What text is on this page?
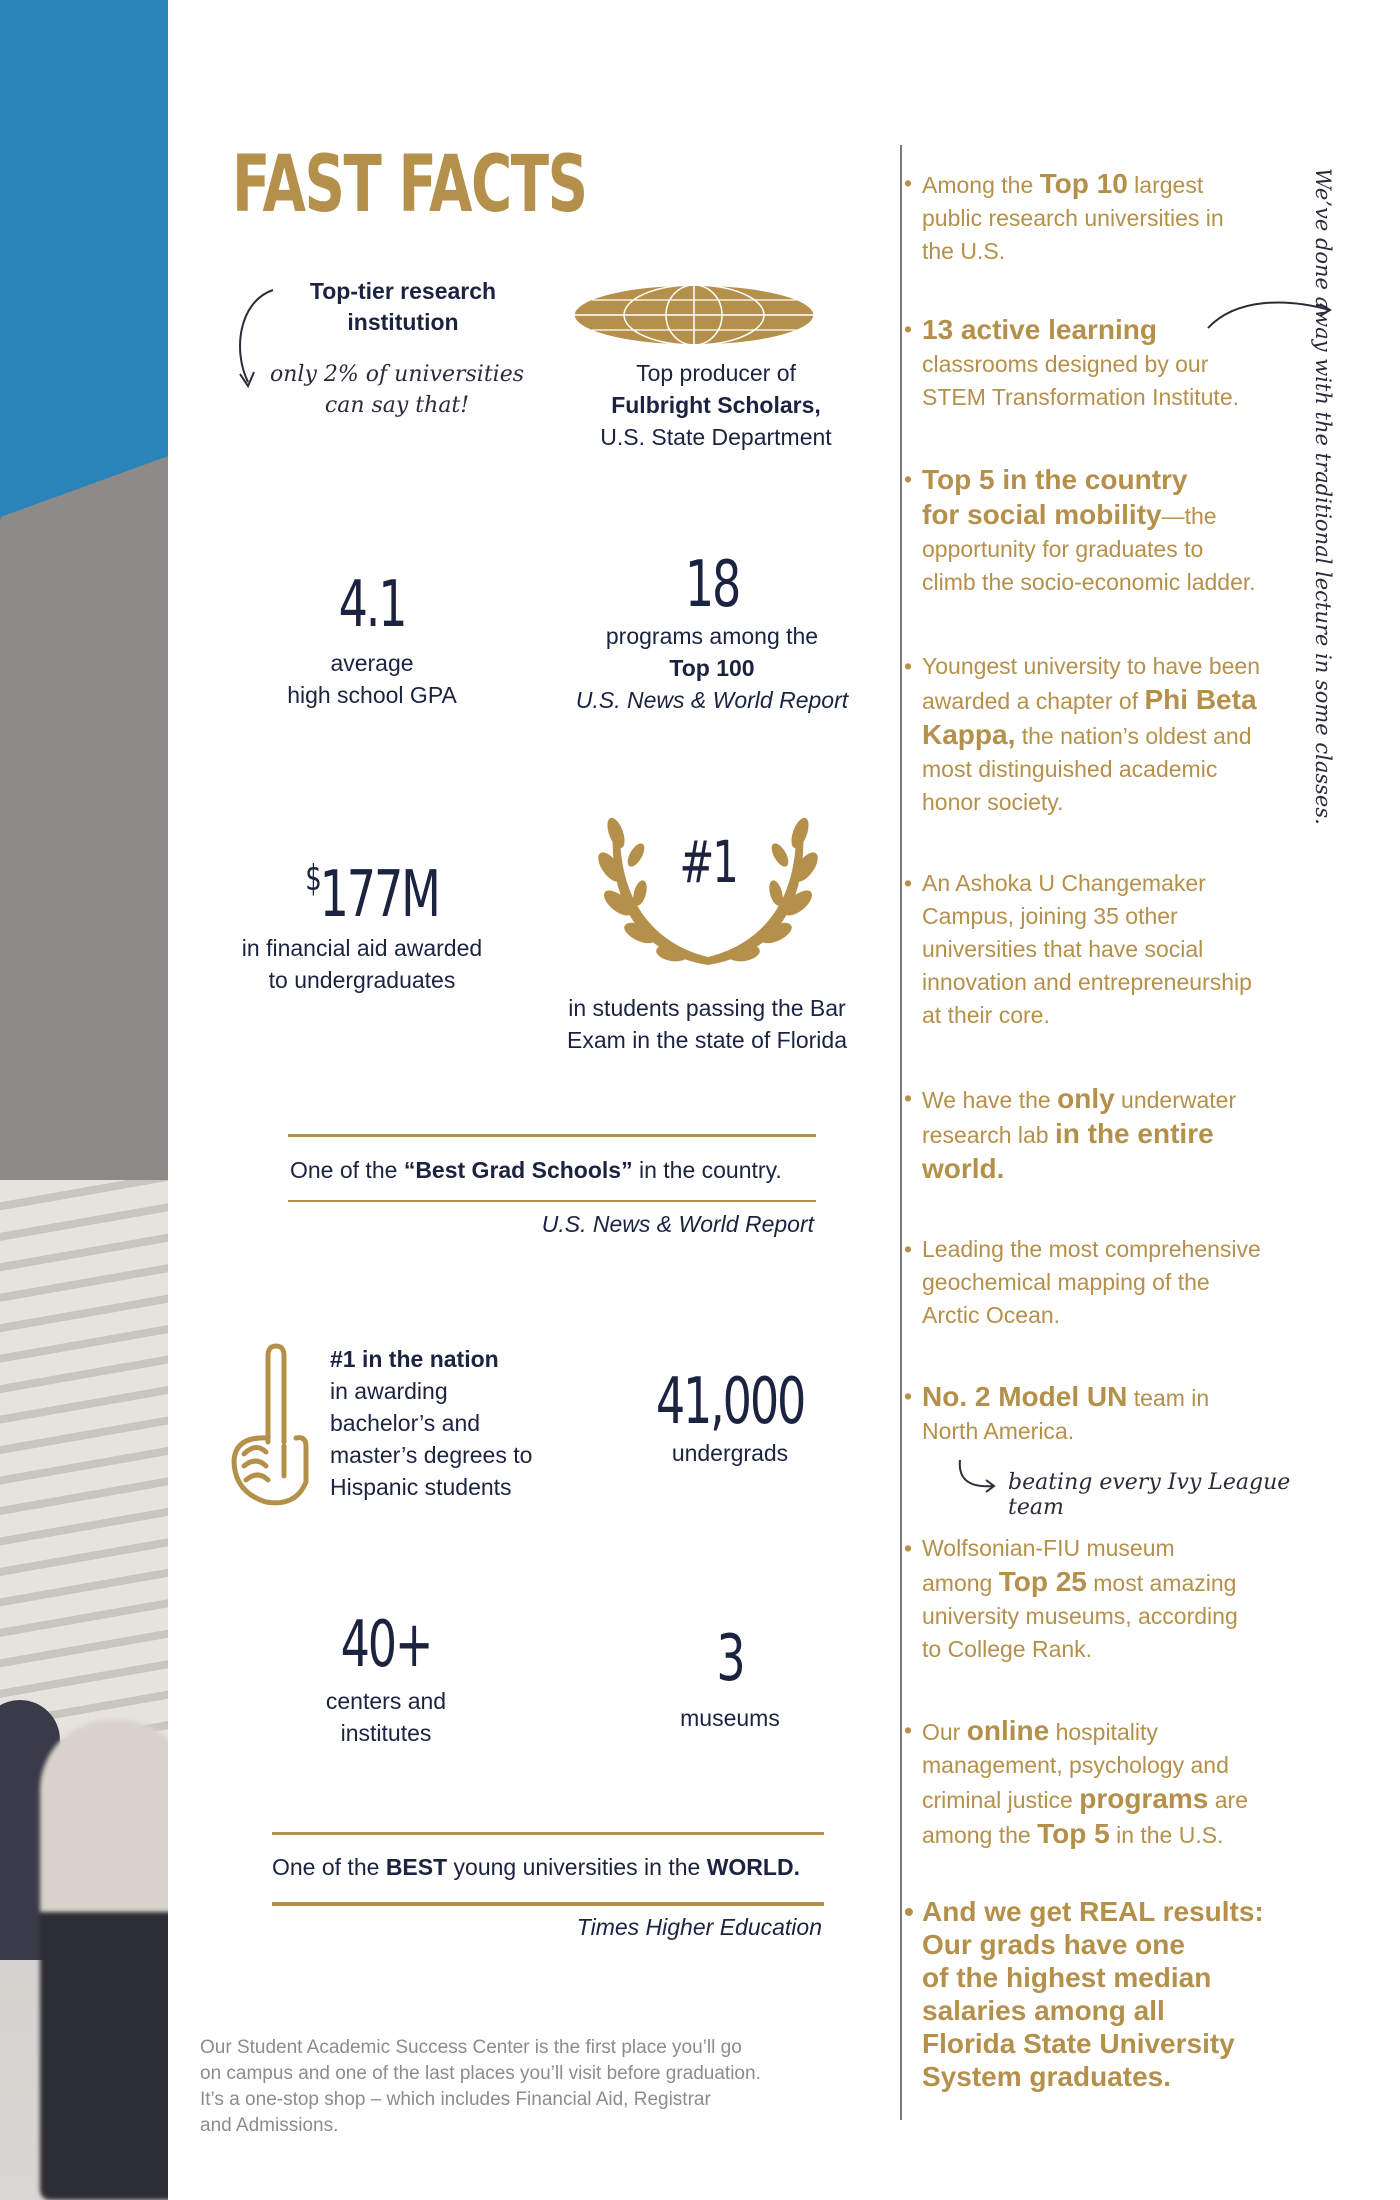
FAST FACTS
Top-tier research institution
only 2% of universities
can say that!
Top producer of
Fulbright Scholars,
U.S. State Department
4.1
average
high school GPA
18
programs among the
Top 100
U.S. News & World Report
$177M
in financial aid awarded
to undergraduates
#1
in students passing the Bar
Exam in the state of Florida
One of the “Best Grad Schools” in the country.
U.S. News & World Report
#1 in the nation
in awarding
bachelor’s and
master’s degrees to
Hispanic students
41,000
undergrads
40+
centers and
institutes
3
museums
One of the BEST young universities in the WORLD.
Times Higher Education
Our Student Academic Success Center is the first place you’ll go
on campus and one of the last places you’ll visit before graduation.
It’s a one-stop shop – which includes Financial Aid, Registrar
and Admissions.
• Among the Top 10 largest
public research universities in
the U.S.
• 13 active learning
classrooms designed by our
STEM Transformation Institute.
• Top 5 in the country
for social mobility—the
opportunity for graduates to
climb the socio-economic ladder.
• Youngest university to have been
awarded a chapter of Phi Beta
Kappa, the nation’s oldest and
most distinguished academic
honor society.
• An Ashoka U Changemaker
Campus, joining 35 other
universities that have social
innovation and entrepreneurship
at their core.
• We have the only underwater
research lab in the entire
world.
• Leading the most comprehensive
geochemical mapping of the
Arctic Ocean.
• No. 2 Model UN team in
North America.
beating every Ivy League team
• Wolfsonian-FIU museum
among Top 25 most amazing
university museums, according
to College Rank.
• Our online hospitality
management, psychology and
criminal justice programs are
among the Top 5 in the U.S.
• And we get REAL results:
Our grads have one
of the highest median
salaries among all
Florida State University
System graduates.
We’ve done away with the traditional lecture in some classes.
